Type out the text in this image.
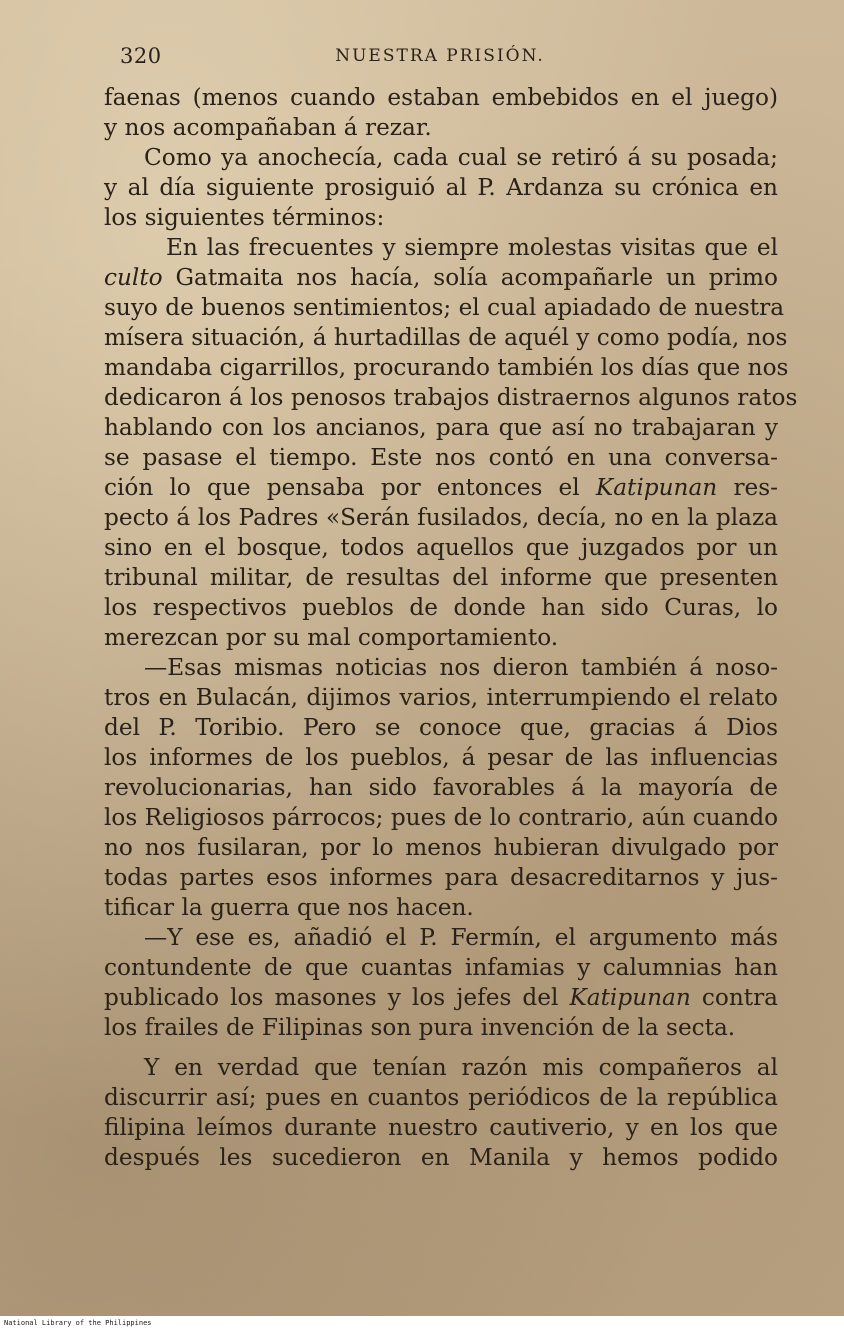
320	NUESTRA PRISIÓN.
faenas (menos cuando estaban embebidos en el juego)
y nos acompañaban á rezar.
Como ya anochecía, cada cual se retiró á su posada;
y al día siguiente prosiguió al P. Ardanza su crónica en
los siguientes términos:
En las frecuentes y siempre molestas visitas que el
culto Gatmaita nos hacía, solía acompañarle un primo
suyo de buenos sentimientos; el cual apiadado de nuestra
mísera situación, á hurtadillas de aquél y como podía, nos
mandaba cigarrillos, procurando también los días que nos
dedicaron á los penosos trabajos distraernos algunos ratos
hablando con los ancianos, para que así no trabajaran y
se pasase el tiempo. Este nos contó en una conversa-
ción lo que pensaba por entonces el Katipunan res-
pecto á los Padres «Serán fusilados, decía, no en la plaza
sino en el bosque, todos aquellos que juzgados por un
tribunal militar, de resultas del informe que presenten
los respectivos pueblos de donde han sido Curas, lo
merezcan por su mal comportamiento.
—Esas mismas noticias nos dieron también á noso-
tros en Bulacán, dijimos varios, interrumpiendo el relato
del P. Toribio. Pero se conoce que, gracias á Dios
los informes de los pueblos, á pesar de las influencias
revolucionarias, han sido favorables á la mayoría de
los Religiosos párrocos; pues de lo contrario, aún cuando
no nos fusilaran, por lo menos hubieran divulgado por
todas partes esos informes para desacreditarnos y jus-
tificar la guerra que nos hacen.
—Y ese es, añadió el P. Fermín, el argumento más
contundente de que cuantas infamias y calumnias han
publicado los masones y los jefes del Katipunan contra
los frailes de Filipinas son pura invención de la secta.
Y en verdad que tenían razón mis compañeros al
discurrir así; pues en cuantos periódicos de la república
filipina leímos durante nuestro cautiverio, y en los que
después les sucedieron en Manila y hemos podido
National Library of the Philippines
